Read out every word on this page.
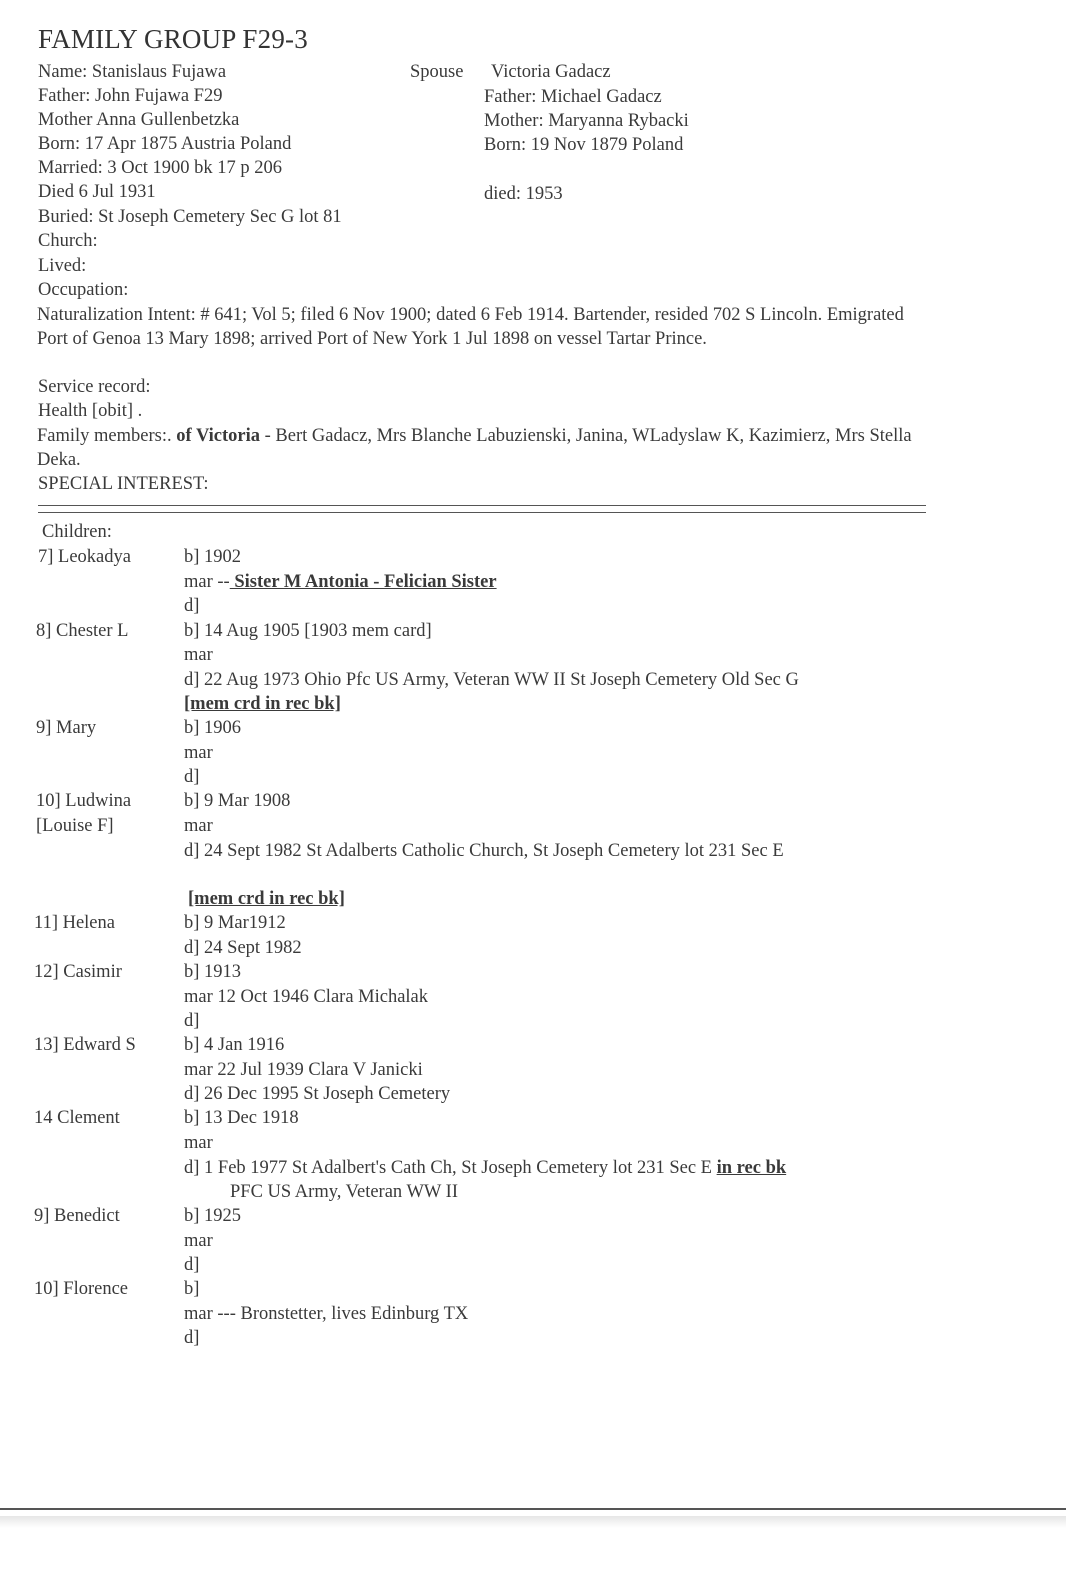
FAMILY GROUP F29-3
Name: Stanislaus Fujawa
Father: John Fujawa F29
Mother Anna Gullenbetzka
Born: 17 Apr 1875 Austria Poland
Married: 3 Oct 1900 bk 17 p 206
Died 6 Jul 1931
Buried: St Joseph Cemetery Sec G lot 81
Church:
Lived:
Occupation:
Spouse Victoria Gadacz
Father: Michael Gadacz
Mother: Maryanna Rybacki
Born: 19 Nov 1879 Poland
died: 1953
Naturalization Intent: # 641; Vol 5; filed 6 Nov 1900; dated 6 Feb 1914. Bartender, resided 702 S Lincoln. Emigrated Port of Genoa 13 Mary 1898; arrived Port of New York 1 Jul 1898 on vessel Tartar Prince.
Service record:
Health [obit] .
Family members:. of Victoria - Bert Gadacz, Mrs Blanche Labuzienski, Janina, WLadyslaw K, Kazimierz, Mrs Stella Deka.
SPECIAL INTEREST:
Children:
7] Leokadya	b] 1902
mar -- Sister M Antonia - Felician Sister
d]
8] Chester L	b] 14 Aug 1905 [1903 mem card]
mar
d] 22 Aug 1973 Ohio Pfc US Army, Veteran WW II St Joseph Cemetery Old Sec G
[mem crd in rec bk]
9] Mary	b] 1906
mar
d]
10] Ludwina
[Louise F]
b] 9 Mar 1908
mar
d] 24 Sept 1982 St Adalberts Catholic Church, St Joseph Cemetery lot 231 Sec E
[mem crd in rec bk]
11] Helena	b] 9 Mar1912
d] 24 Sept 1982
12] Casimir	b] 1913
mar 12 Oct 1946 Clara Michalak
d]
13] Edward S	b] 4 Jan 1916
mar 22 Jul 1939 Clara V Janicki
d] 26 Dec 1995 St Joseph Cemetery
14 Clement	b] 13 Dec 1918
mar
d] 1 Feb 1977 St Adalbert's Cath Ch, St Joseph Cemetery lot 231 Sec E in rec bk
PFC US Army, Veteran WW II
9] Benedict	b] 1925
mar
d]
10] Florence	b]
mar --- Bronstetter, lives Edinburg TX
d]
